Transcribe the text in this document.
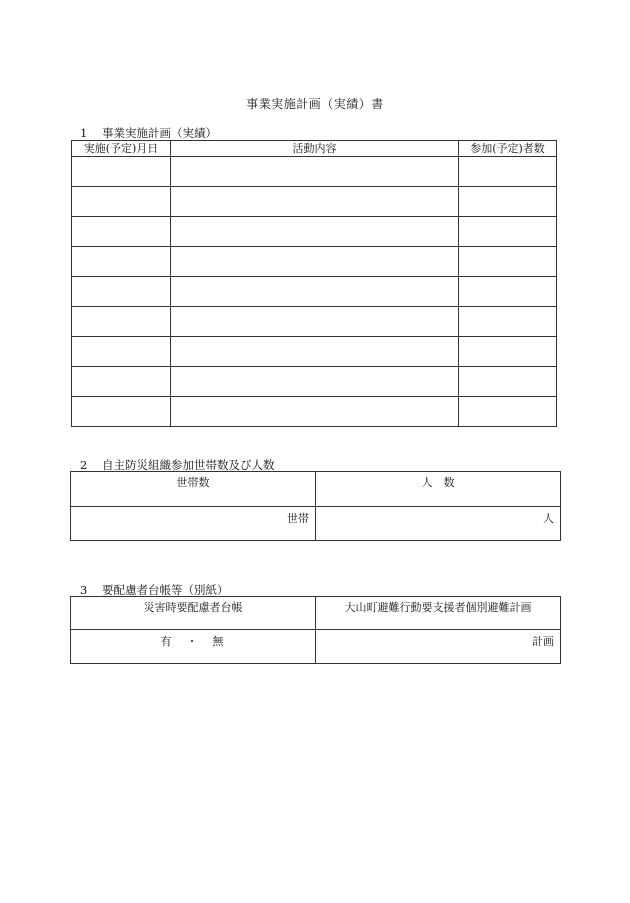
事業実施計画（実績）書
1 事業実施計画（実績）
実施(予定)月日	活動内容	参加(予定)者数

2 自主防災組織参加世帯数及び人数
世帯数	人　数
世帯	人
3 要配慮者台帳等（別紙）
災害時要配慮者台帳	大山町避難行動要支援者個別避難計画
有　・　無	計画
